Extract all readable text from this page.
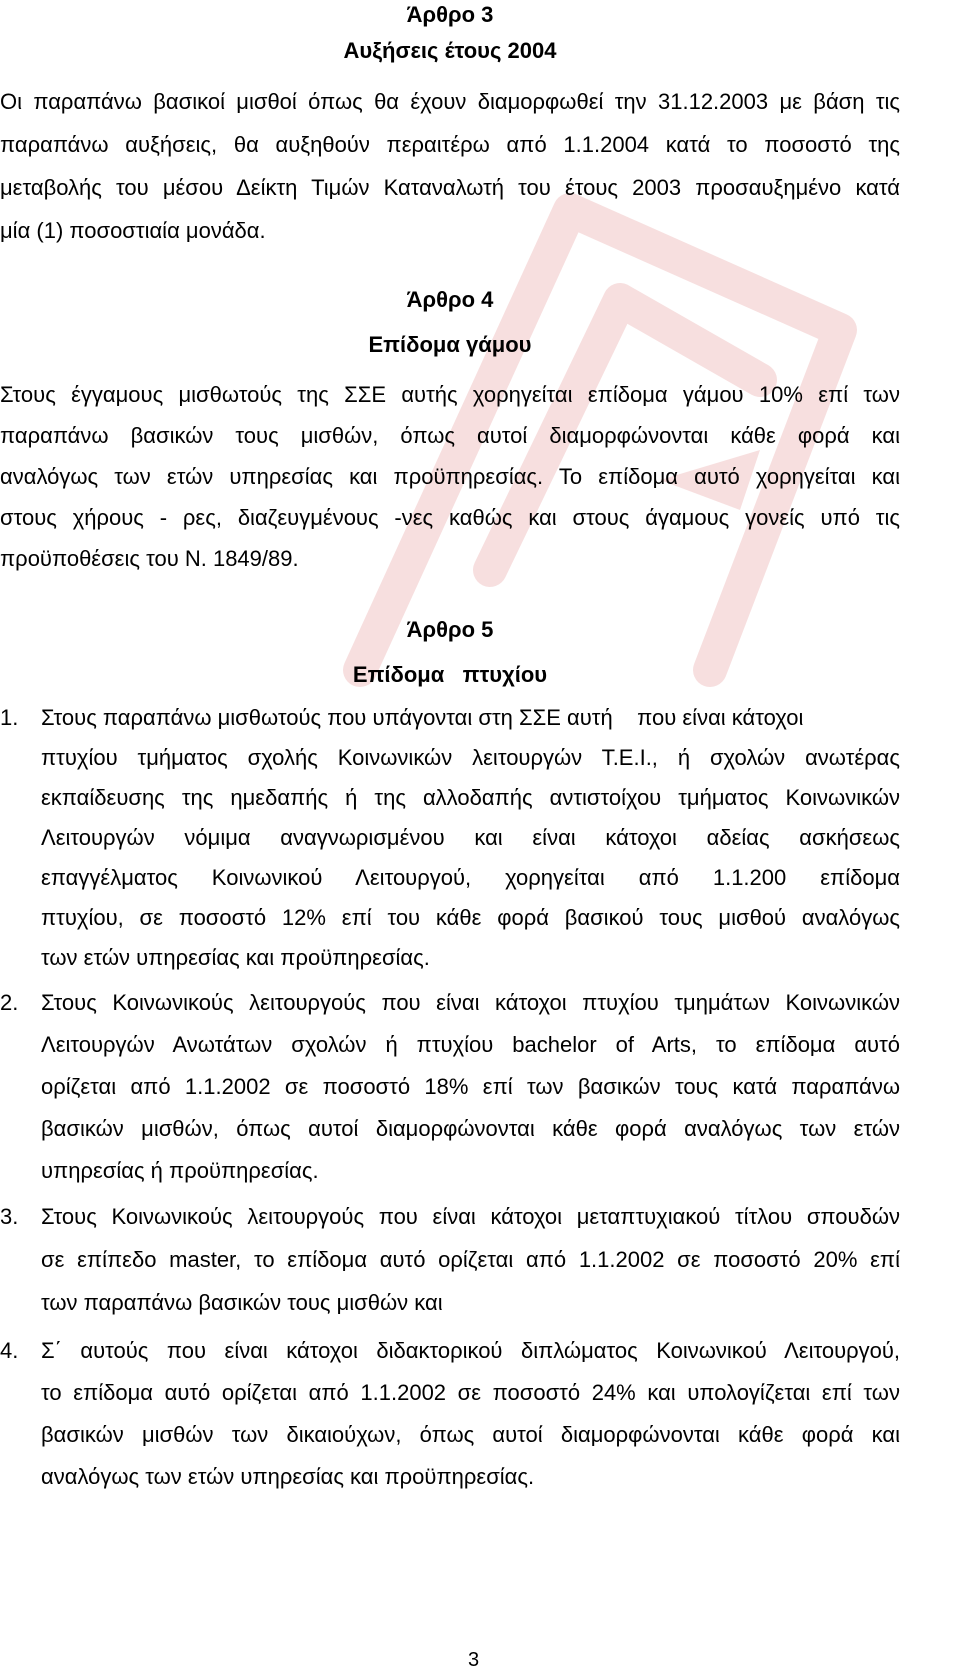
Άρθρο 3
Αυξήσεις έτους 2004
Οι παραπάνω βασικοί μισθοί όπως θα έχουν διαμορφωθεί την 31.12.2003 με βάση τις
παραπάνω αυξήσεις, θα αυξηθούν περαιτέρω από 1.1.2004 κατά το ποσοστό της
μεταβολής του μέσου Δείκτη Τιμών Καταναλωτή του έτους 2003 προσαυξημένο κατά
μία (1) ποσοστιαία μονάδα.
Άρθρο 4
Επίδομα γάμου
Στους έγγαμους μισθωτούς της ΣΣΕ αυτής χορηγείται επίδομα γάμου 10% επί των
παραπάνω βασικών τους μισθών, όπως αυτοί διαμορφώνονται κάθε φορά και
αναλόγως των ετών υπηρεσίας και προϋπηρεσίας. Το επίδομα αυτό χορηγείται και
στους χήρους - ρες, διαζευγμένους -νες καθώς και στους άγαμους γονείς υπό τις
προϋποθέσεις του Ν. 1849/89.
Άρθρο 5
Επίδομα   πτυχίου
1. Στους παραπάνω μισθωτούς που υπάγονται στη ΣΣΕ αυτή    που είναι κάτοχοι
πτυχίου τμήματος σχολής Κοινωνικών λειτουργών Τ.Ε.Ι., ή σχολών ανωτέρας
εκπαίδευσης της ημεδαπής ή της αλλοδαπής αντιστοίχου τμήματος Κοινωνικών
Λειτουργών νόμιμα αναγνωρισμένου και είναι κάτοχοι αδείας ασκήσεως
επαγγέλματος Κοινωνικού Λειτουργού, χορηγείται από 1.1.200 επίδομα
πτυχίου, σε ποσοστό 12% επί του κάθε φορά βασικού τους μισθού αναλόγως
των ετών υπηρεσίας και προϋπηρεσίας.
2. Στους Κοινωνικούς λειτουργούς που είναι κάτοχοι πτυχίου τμημάτων Κοινωνικών
Λειτουργών Ανωτάτων σχολών ή πτυχίου bachelor of Arts, το επίδομα αυτό
ορίζεται από 1.1.2002 σε ποσοστό 18% επί των βασικών τους κατά παραπάνω
βασικών μισθών, όπως αυτοί διαμορφώνονται κάθε φορά αναλόγως των ετών
υπηρεσίας ή προϋπηρεσίας.
3. Στους Κοινωνικούς λειτουργούς που είναι κάτοχοι μεταπτυχιακού τίτλου σπουδών
σε επίπεδο master, το επίδομα αυτό ορίζεται από 1.1.2002 σε ποσοστό 20% επί
των παραπάνω βασικών τους μισθών και
4. Σ΄ αυτούς που είναι κάτοχοι διδακτορικού διπλώματος Κοινωνικού Λειτουργού,
το επίδομα αυτό ορίζεται από 1.1.2002 σε ποσοστό 24% και υπολογίζεται επί των
βασικών μισθών των δικαιούχων, όπως αυτοί διαμορφώνονται κάθε φορά και
αναλόγως των ετών υπηρεσίας και προϋπηρεσίας.
3
